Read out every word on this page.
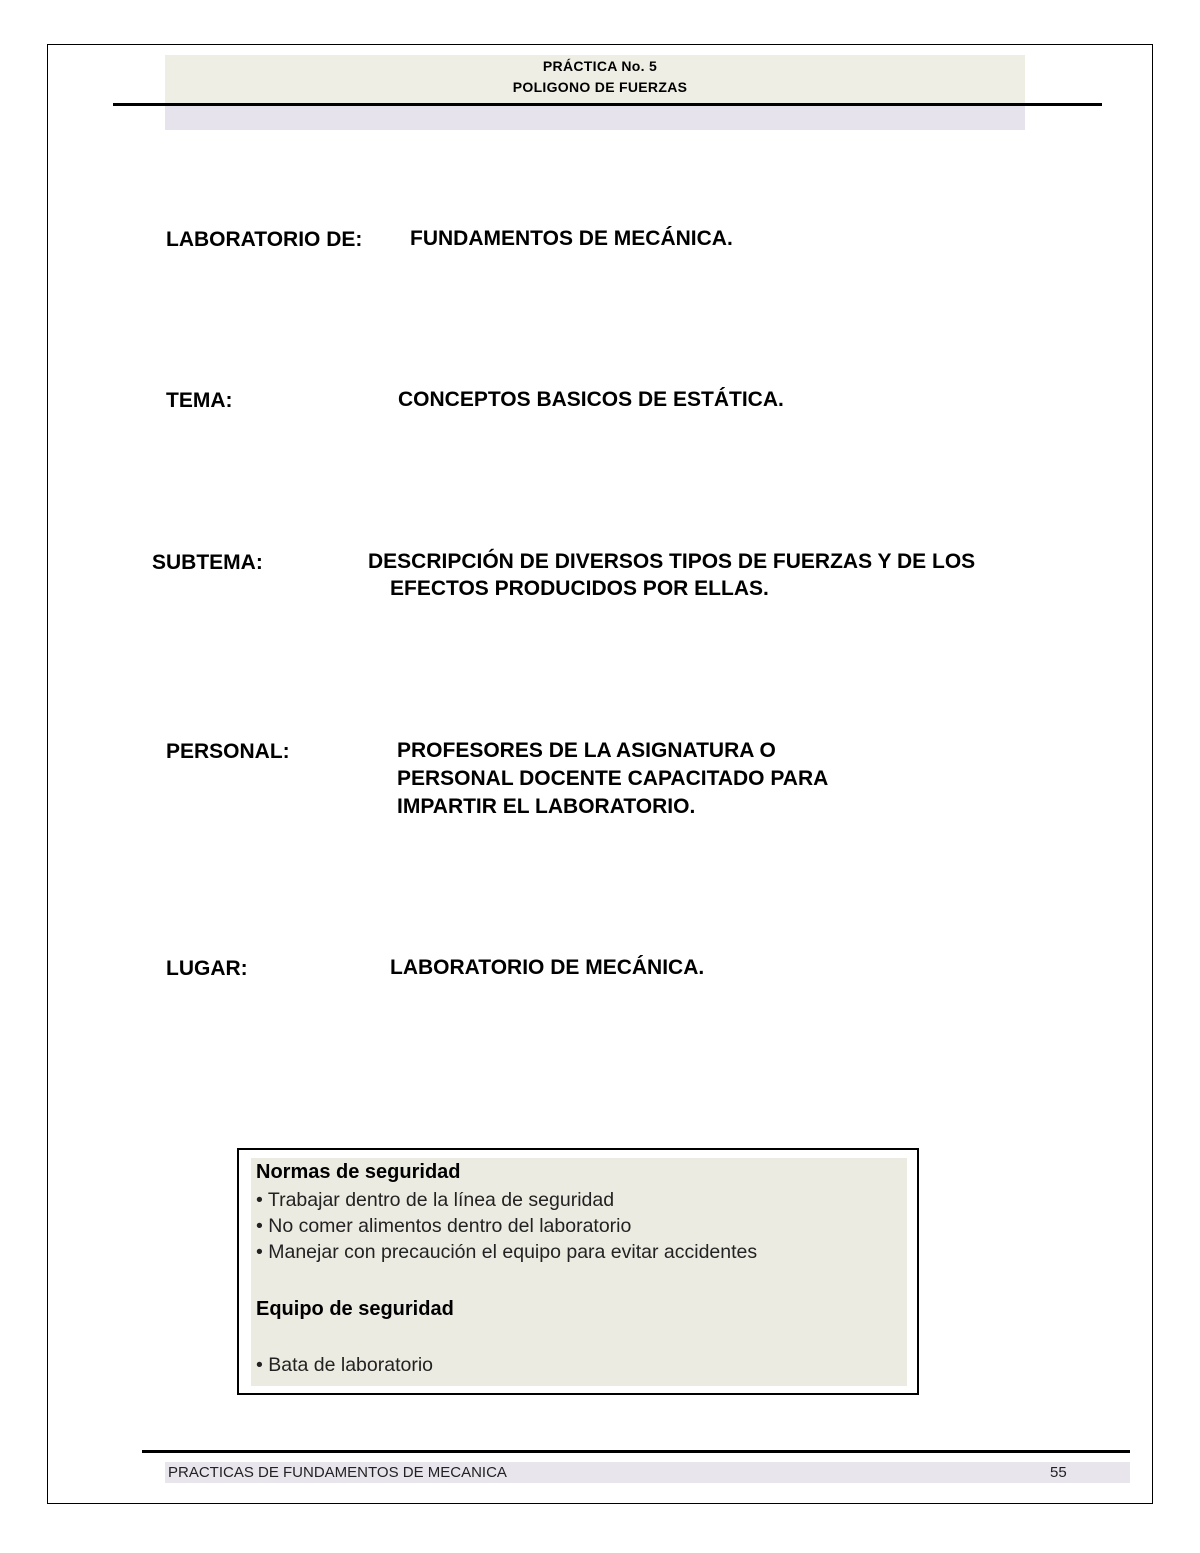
PRÁCTICA No. 5
POLIGONO DE FUERZAS
LABORATORIO DE: FUNDAMENTOS DE MECÁNICA.
TEMA:	CONCEPTOS BASICOS DE ESTÁTICA.
SUBTEMA:	DESCRIPCIÓN DE DIVERSOS TIPOS DE FUERZAS Y DE LOS
EFECTOS PRODUCIDOS POR ELLAS.
PERSONAL:	PROFESORES DE LA ASIGNATURA O
PERSONAL DOCENTE CAPACITADO PARA
IMPARTIR EL LABORATORIO.
LUGAR:	LABORATORIO DE MECÁNICA.
Normas de seguridad
• Trabajar dentro de la línea de seguridad
• No comer alimentos dentro del laboratorio
• Manejar con precaución el equipo para evitar accidentes
Equipo de seguridad
• Bata de laboratorio
PRACTICAS DE FUNDAMENTOS DE MECANICA	55
